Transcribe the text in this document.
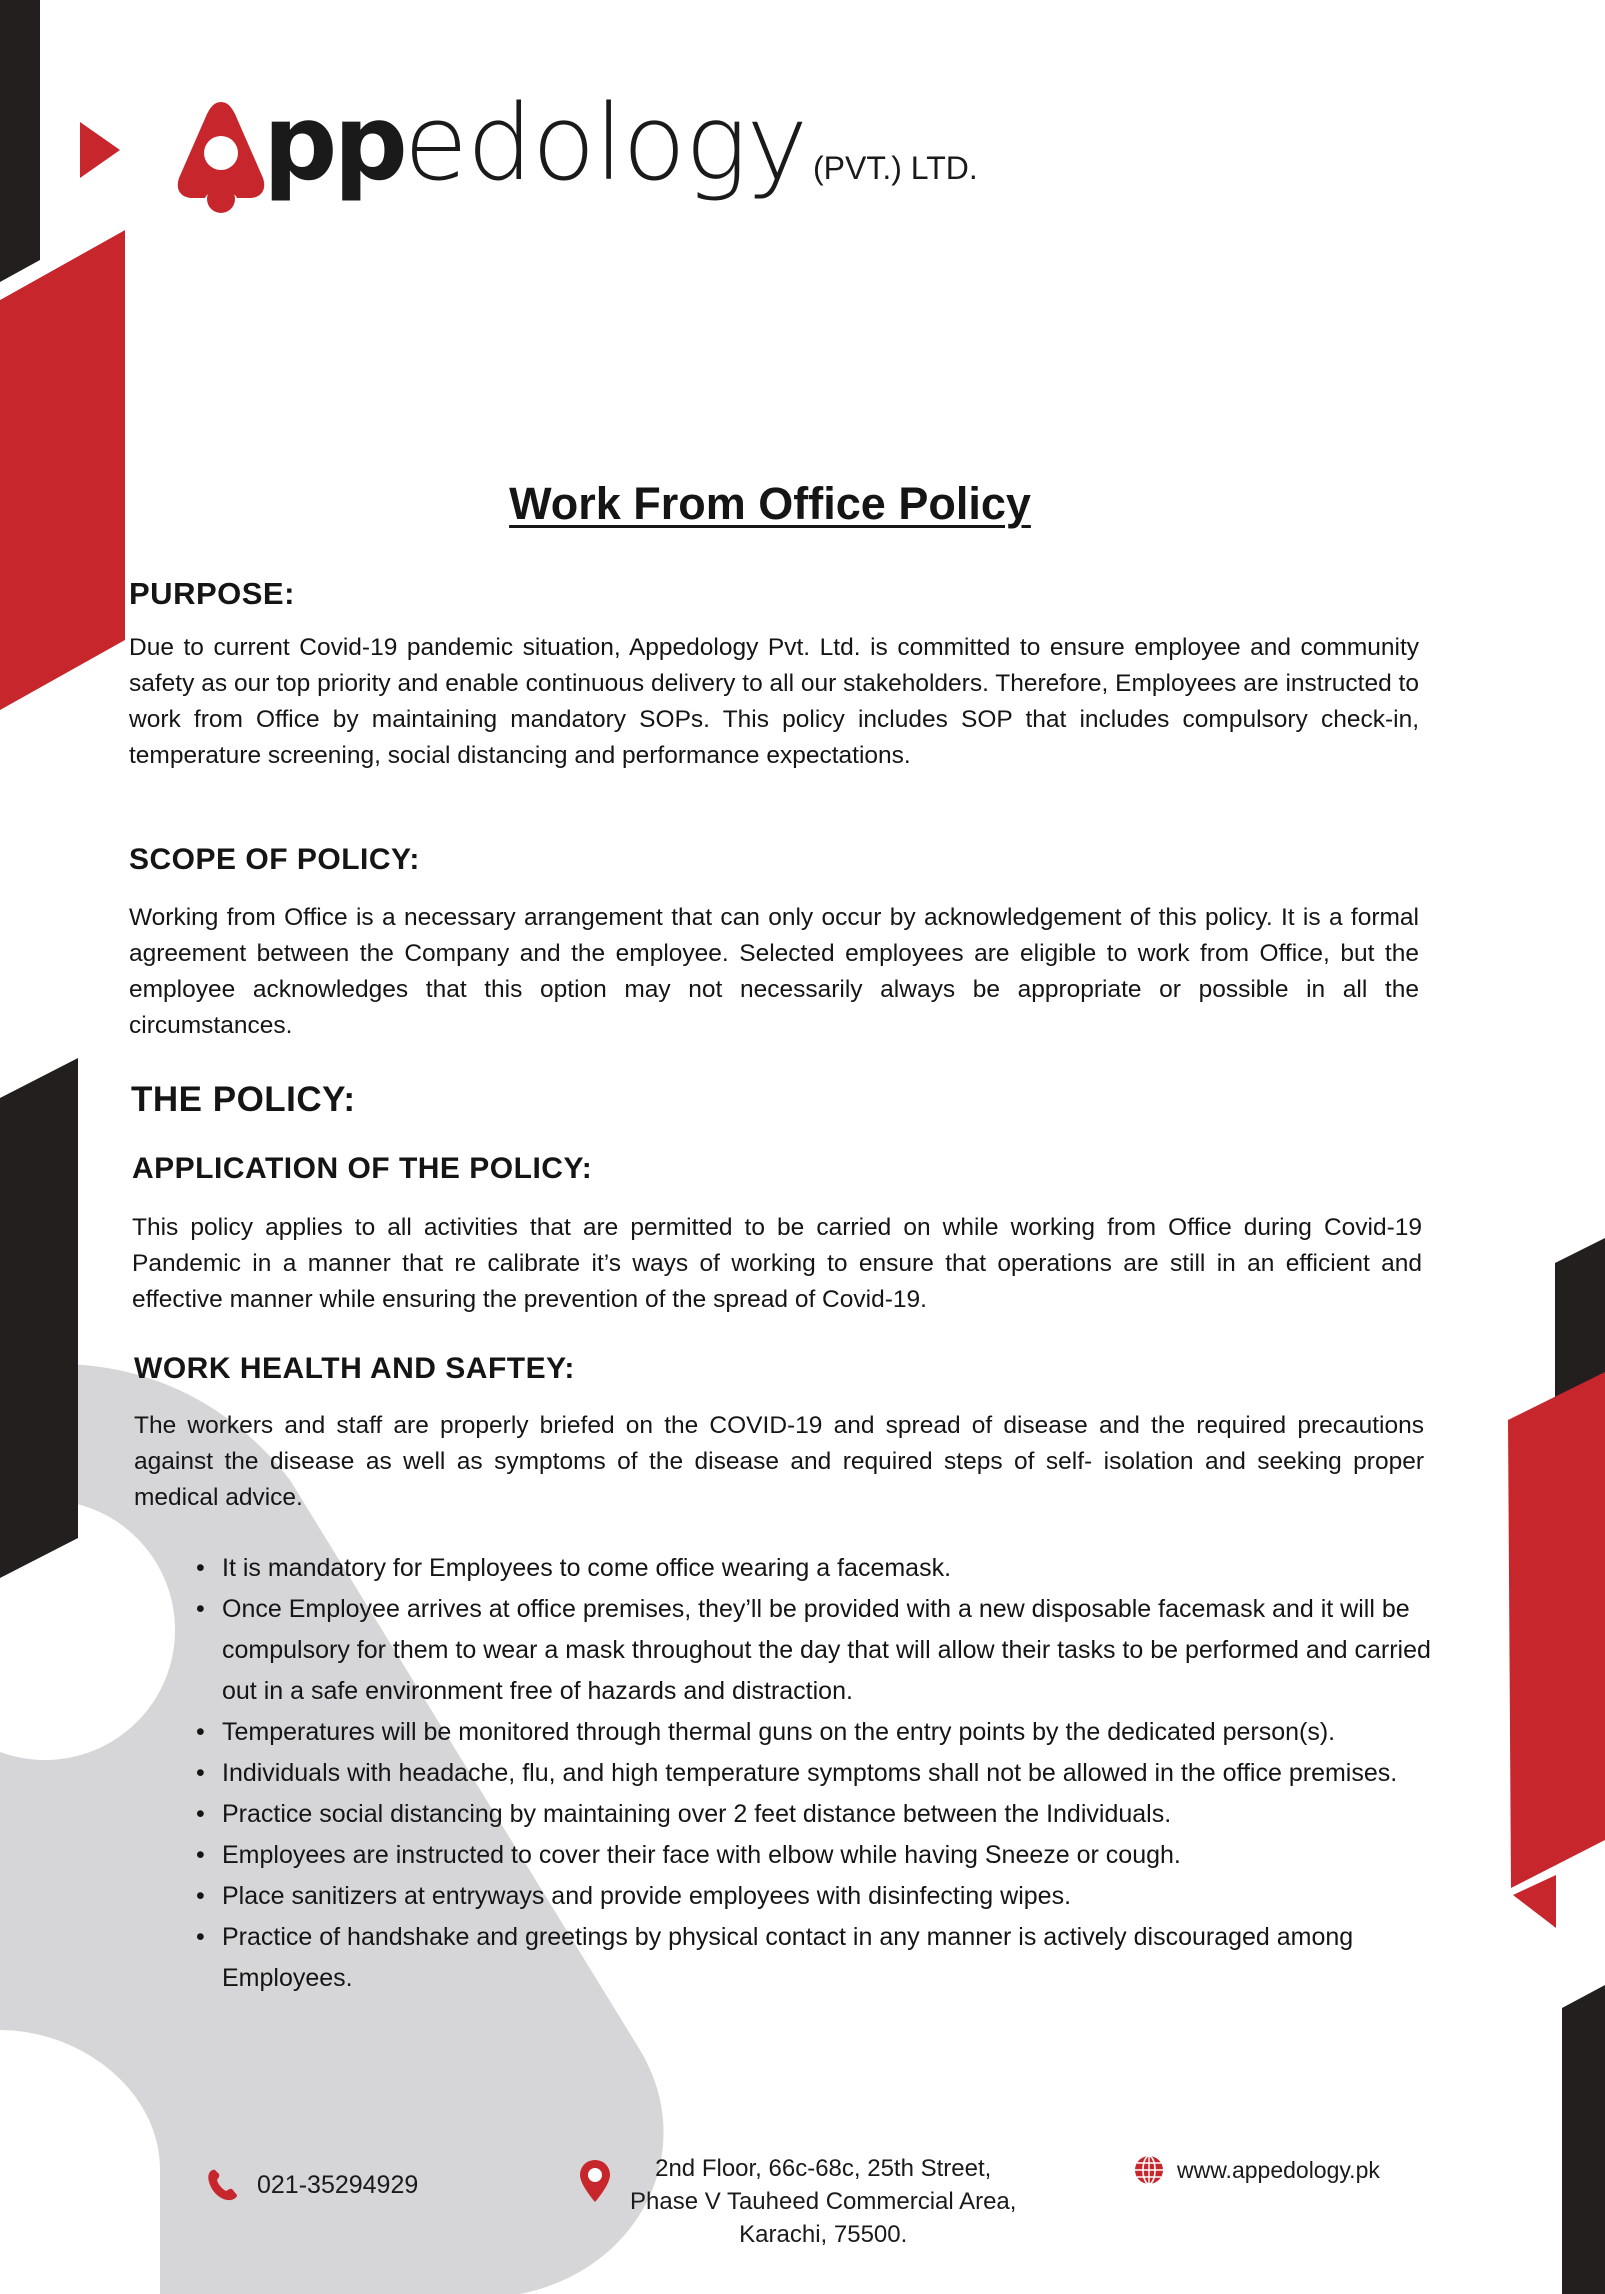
ppedology (PVT.) LTD.
Work From Office Policy
PURPOSE:
Due to current Covid-19 pandemic situation, Appedology Pvt. Ltd. is committed to ensure employee and community safety as our top priority and enable continuous delivery to all our stakeholders. Therefore, Employees are instructed to work from Office by maintaining mandatory SOPs. This policy includes SOP that includes compulsory check-in, temperature screening, social distancing and performance expectations.
SCOPE OF POLICY:
Working from Office is a necessary arrangement that can only occur by acknowledgement of this policy. It is a formal agreement between the Company and the employee. Selected employees are eligible to work from Office, but the employee acknowledges that this option may not necessarily always be appropriate or possible in all the circumstances.
THE POLICY:
APPLICATION OF THE POLICY:
This policy applies to all activities that are permitted to be carried on while working from Office during Covid-19 Pandemic in a manner that re calibrate it’s ways of working to ensure that operations are still in an efficient and effective manner while ensuring the prevention of the spread of Covid-19.
WORK HEALTH AND SAFTEY:
The workers and staff are properly briefed on the COVID-19 and spread of disease and the required precautions against the disease as well as symptoms of the disease and required steps of self- isolation and seeking proper medical advice.
• It is mandatory for Employees to come office wearing a facemask.
• Once Employee arrives at office premises, they’ll be provided with a new disposable facemask and it will be compulsory for them to wear a mask throughout the day that will allow their tasks to be performed and carried out in a safe environment free of hazards and distraction.
• Temperatures will be monitored through thermal guns on the entry points by the dedicated person(s).
• Individuals with headache, flu, and high temperature symptoms shall not be allowed in the office premises.
• Practice social distancing by maintaining over 2 feet distance between the Individuals.
• Employees are instructed to cover their face with elbow while having Sneeze or cough.
• Place sanitizers at entryways and provide employees with disinfecting wipes.
• Practice of handshake and greetings by physical contact in any manner is actively discouraged among Employees.
021-35294929
2nd Floor, 66c-68c, 25th Street,
Phase V Tauheed Commercial Area,
Karachi, 75500.
www.appedology.pk
